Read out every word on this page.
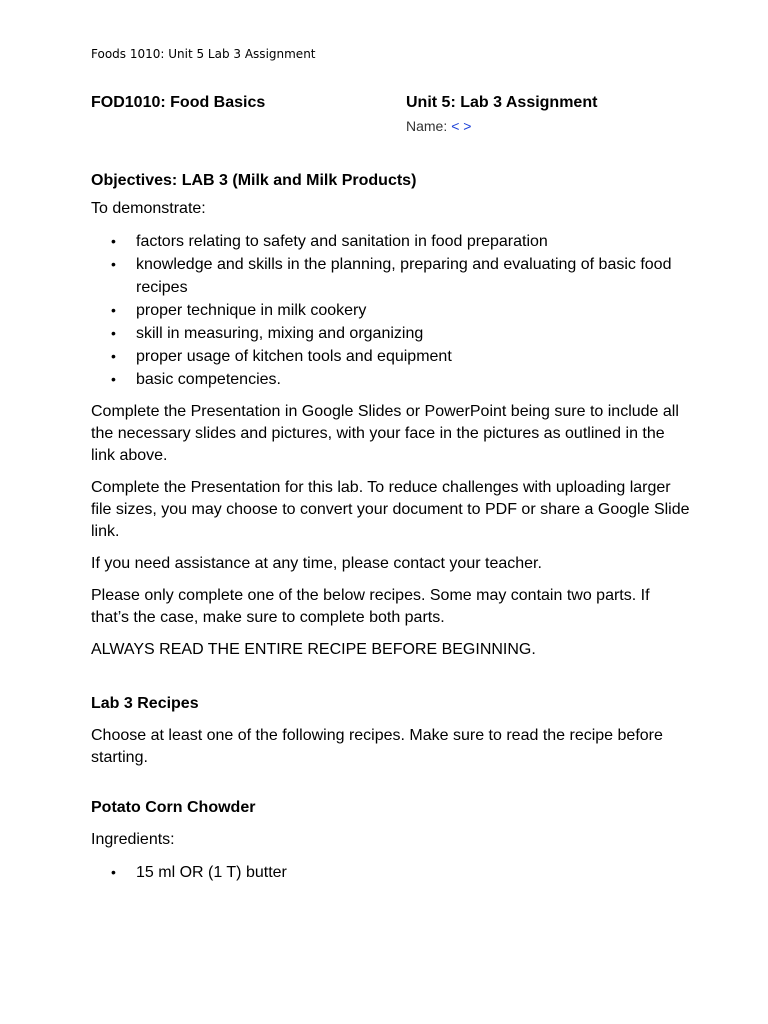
Foods 1010: Unit 5 Lab 3 Assignment
FOD1010: Food Basics	Unit 5: Lab 3 Assignment
Name: < >
Objectives: LAB 3 (Milk and Milk Products)

To demonstrate:

• factors relating to safety and sanitation in food preparation
• knowledge and skills in the planning, preparing and evaluating of basic food recipes
• proper technique in milk cookery
• skill in measuring, mixing and organizing
• proper usage of kitchen tools and equipment
• basic competencies.

Complete the Presentation in Google Slides or PowerPoint being sure to include all the necessary slides and pictures, with your face in the pictures as outlined in the link above.

Complete the Presentation for this lab. To reduce challenges with uploading larger file sizes, you may choose to convert your document to PDF or share a Google Slide link.

If you need assistance at any time, please contact your teacher.

Please only complete one of the below recipes. Some may contain two parts. If that’s the case, make sure to complete both parts.

ALWAYS READ THE ENTIRE RECIPE BEFORE BEGINNING.

Lab 3 Recipes

Choose at least one of the following recipes. Make sure to read the recipe before starting.

Potato Corn Chowder

Ingredients:

• 15 ml OR (1 T) butter
